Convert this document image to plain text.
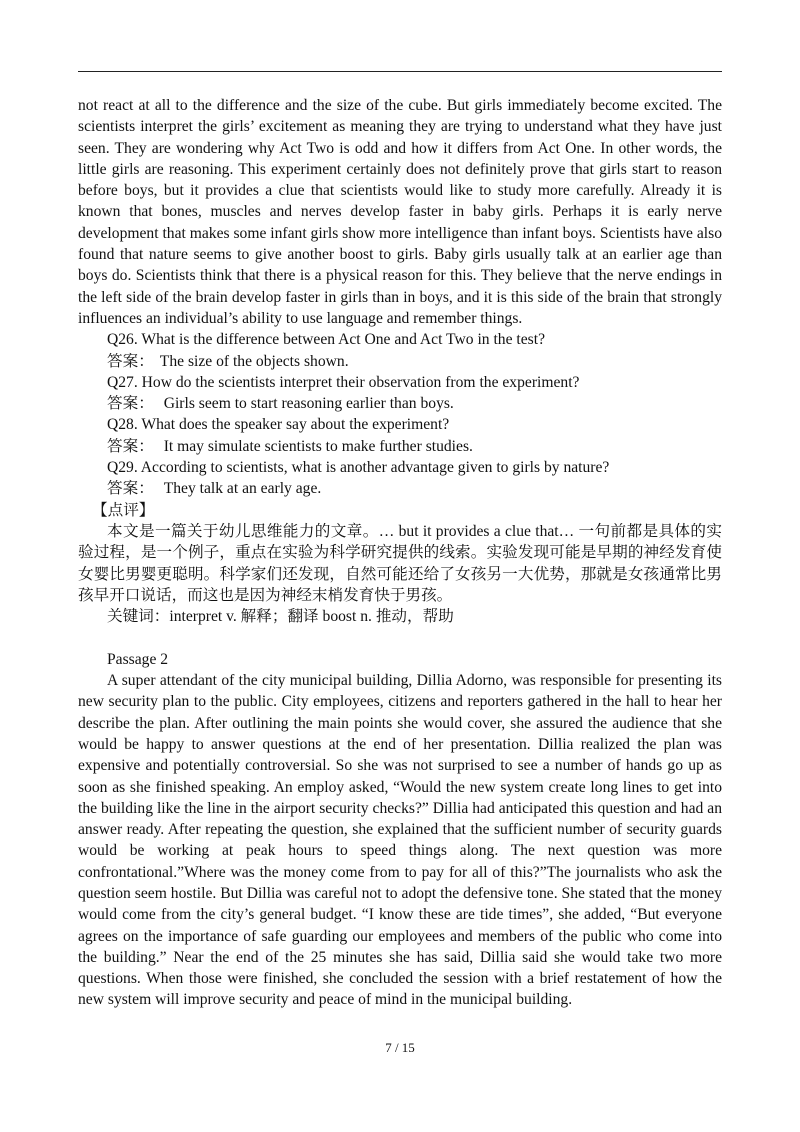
not react at all to the difference and the size of the cube. But girls immediately become excited. The scientists interpret the girls’ excitement as meaning they are trying to understand what they have just seen. They are wondering why Act Two is odd and how it differs from Act One. In other words, the little girls are reasoning. This experiment certainly does not definitely prove that girls start to reason before boys, but it provides a clue that scientists would like to study more carefully. Already it is known that bones, muscles and nerves develop faster in baby girls. Perhaps it is early nerve development that makes some infant girls show more intelligence than infant boys. Scientists have also found that nature seems to give another boost to girls. Baby girls usually talk at an earlier age than boys do. Scientists think that there is a physical reason for this. They believe that the nerve endings in the left side of the brain develop faster in girls than in boys, and it is this side of the brain that strongly influences an individual’s ability to use language and remember things.

Q26. What is the difference between Act One and Act Two in the test?

答案： The size of the objects shown.

Q27. How do the scientists interpret their observation from the experiment?

答案： Girls seem to start reasoning earlier than boys.

Q28. What does the speaker say about the experiment?

答案： It may simulate scientists to make further studies.

Q29. According to scientists, what is another advantage given to girls by nature?

答案： They talk at an early age.

【点评】

本文是一篇关于幼儿思维能力的文章。… but it provides a clue that… 一句前都是具体的实验过程，是一个例子，重点在实验为科学研究提供的线索。实验发现可能是早期的神经发育使女婴比男婴更聪明。科学家们还发现，自然可能还给了女孩另一大优势，那就是女孩通常比男孩早开口说话，而这也是因为神经末梢发育快于男孩。

关键词：interpret v. 解释；翻译 boost n. 推动，帮助

Passage 2

A super attendant of the city municipal building, Dillia Adorno, was responsible for presenting its new security plan to the public. City employees, citizens and reporters gathered in the hall to hear her describe the plan. After outlining the main points she would cover, she assured the audience that she would be happy to answer questions at the end of her presentation. Dillia realized the plan was expensive and potentially controversial. So she was not surprised to see a number of hands go up as soon as she finished speaking. An employ asked, “Would the new system create long lines to get into the building like the line in the airport security checks?” Dillia had anticipated this question and had an answer ready. After repeating the question, she explained that the sufficient number of security guards would be working at peak hours to speed things along. The next question was more confrontational.”Where was the money come from to pay for all of this?”The journalists who ask the question seem hostile. But Dillia was careful not to adopt the defensive tone. She stated that the money would come from the city’s general budget. “I know these are tide times”, she added, “But everyone agrees on the importance of safe guarding our employees and members of the public who come into the building.” Near the end of the 25 minutes she has said, Dillia said she would take two more questions. When those were finished, she concluded the session with a brief restatement of how the new system will improve security and peace of mind in the municipal building.

7 / 15
